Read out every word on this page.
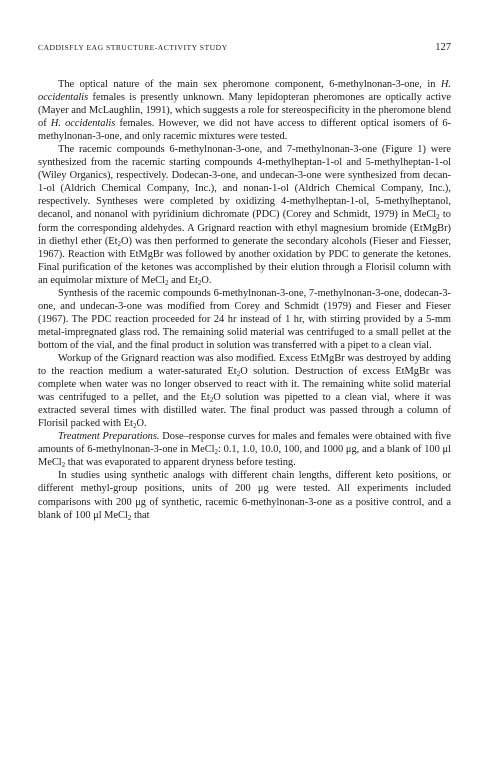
CADDISFLY EAG STRUCTURE-ACTIVITY STUDY	127

The optical nature of the main sex pheromone component, 6-​methylnonan-​3-​one, in H. occidentalis females is presently unknown. Many lepidopteran pheromones are optically active (Mayer and McLaughlin, 1991), which suggests a role for stereospecificity in the pheromone blend of H. occidentalis females. However, we did not have access to different optical isomers of 6-​methylnonan-​3-​one, and only racemic mixtures were tested.

The racemic compounds 6-​methylnonan-​3-​one, and 7-​methylnonan-​3-​one (Figure 1) were synthesized from the racemic starting compounds 4-​methylheptan-​1-​ol and 5-​methylheptan-​1-​ol (Wiley Organics), respectively. Dodecan-​3-​one, and undecan-​3-​one were synthesized from decan-​1-​ol (Aldrich Chemical Company, Inc.), and nonan-​1-​ol (Aldrich Chemical Company, Inc.), respectively. Syntheses were completed by oxidizing 4-​methylheptan-​1-​ol, 5-​methylheptanol, decanol, and nonanol with pyridinium dichromate (PDC) (Corey and Schmidt, 1979) in MeCl$_2$ to form the corresponding aldehydes. A Grignard reaction with ethyl magnesium bromide (EtMgBr) in diethyl ether $(Et_2O)$ was then performed to generate the secondary alcohols (Fieser and Fiesser, 1967). Reaction with EtMgBr was followed by another oxidation by PDC to generate the ketones. Final purification of the ketones was accomplished by their elution through a Florisil column with an equimolar mixture of MeCl$_2$ and $Et_2O$.

Synthesis of the racemic compounds 6-​methylnonan-​3-​one, 7-​methylnonan-​3-​one, dodecan-​3-​one, and undecan-​3-​one was modified from Corey and Schmidt (1979) and Fieser and Fieser (1967). The PDC reaction proceeded for 24 hr instead of 1 hr, with stirring provided by a 5-​mm metal-​impregnated glass rod. The remaining solid material was centrifuged to a small pellet at the bottom of the vial, and the final product in solution was transferred with a pipet to a clean vial.

Workup of the Grignard reaction was also modified. Excess EtMgBr was destroyed by adding to the reaction medium a water-​saturated $Et_2O$ solution. Destruction of excess EtMgBr was complete when water was no longer observed to react with it. The remaining white solid material was centrifuged to a pellet, and the $Et_2O$ solution was pipetted to a clean vial, where it was extracted several times with distilled water. The final product was passed through a column of Florisil packed with $Et_2O$.

Treatment Preparations. Dose–response curves for males and females were obtained with five amounts of 6-​methylnonan-​3-​one in MeCl$_2$: 0.1, 1.0, 10.0, 100, and 1000 μg, and a blank of 100 μl MeCl$_2$ that was evaporated to apparent dryness before testing.

In studies using synthetic analogs with different chain lengths, different keto positions, or different methyl-​group positions, units of 200 μg were tested. All experiments included comparisons with 200 μg of synthetic, racemic 6-​methylnonan-​3-​one as a positive control, and a blank of 100 μl MeCl$_2$ that
